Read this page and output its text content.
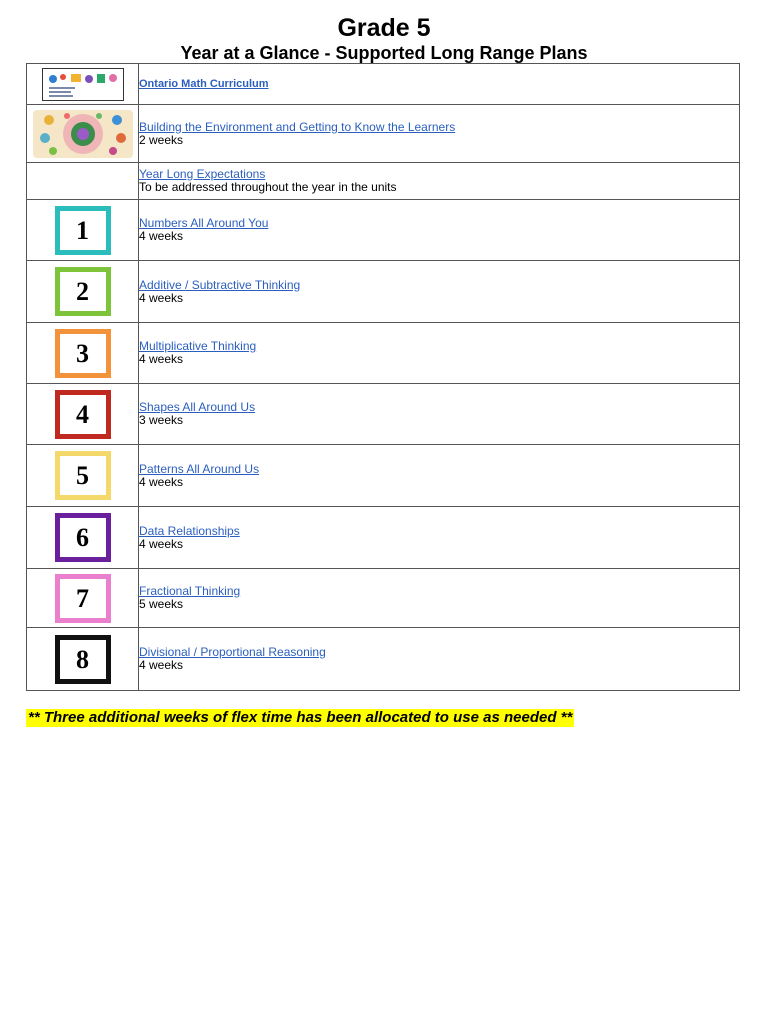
Grade 5
Year at a Glance - Supported Long Range Plans
	Ontario Math Curriculum
	Building the Environment and Getting to Know the Learners
2 weeks
	Year Long Expectations
To be addressed throughout the year in the units
1	Numbers All Around You
4 weeks
2	Additive / Subtractive Thinking
4 weeks
3	Multiplicative Thinking
4 weeks
4	Shapes All Around Us
3 weeks
5	Patterns All Around Us
4 weeks
6	Data Relationships
4 weeks
7	Fractional Thinking
5 weeks
8	Divisional / Proportional Reasoning
4 weeks
** Three additional weeks of flex time has been allocated to use as needed **
